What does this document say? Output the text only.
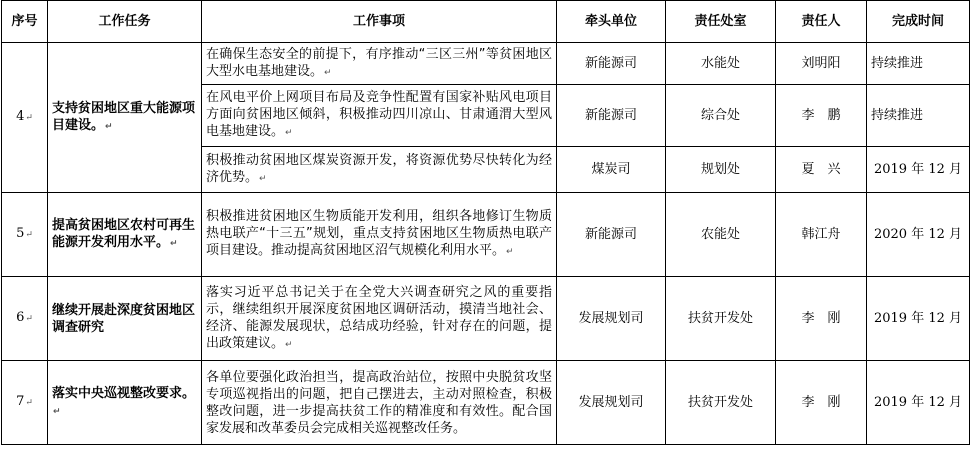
序号	工作任务	工作事项	牵头单位	责任处室	责任人	完成时间
4↵	支持贫困地区重大能源项目建设。↵	在确保生态安全的前提下，有序推动“三区三州”等贫困地区大型水电基地建设。↵	新能源司	水能处	刘明阳	持续推进
		在风电平价上网项目布局及竞争性配置有国家补贴风电项目方面向贫困地区倾斜，积极推动四川凉山、甘肃通渭大型风电基地建设。↵	新能源司	综合处	李　鹏	持续推进
		积极推动贫困地区煤炭资源开发，将资源优势尽快转化为经济优势。↵	煤炭司	规划处	夏　兴	2019 年 12 月
5↵	提高贫困地区农村可再生能源开发利用水平。↵	积极推进贫困地区生物质能开发利用，组织各地修订生物质热电联产“十三五”规划，重点支持贫困地区生物质热电联产项目建设。推动提高贫困地区沼气规模化利用水平。↵	新能源司	农能处	韩江舟	2020 年 12 月
6↵	继续开展赴深度贫困地区调查研究	落实习近平总书记关于在全党大兴调查研究之风的重要指示，继续组织开展深度贫困地区调研活动，摸清当地社会、经济、能源发展现状，总结成功经验，针对存在的问题，提出政策建议。↵	发展规划司	扶贫开发处	李　刚	2019 年 12 月
7↵	落实中央巡视整改要求。↵	各单位要强化政治担当，提高政治站位，按照中央脱贫攻坚专项巡视指出的问题，把自己摆进去，主动对照检查，积极整改问题，进一步提高扶贫工作的精准度和有效性。配合国家发展和改革委员会完成相关巡视整改任务。	发展规划司	扶贫开发处	李　刚	2019 年 12 月
